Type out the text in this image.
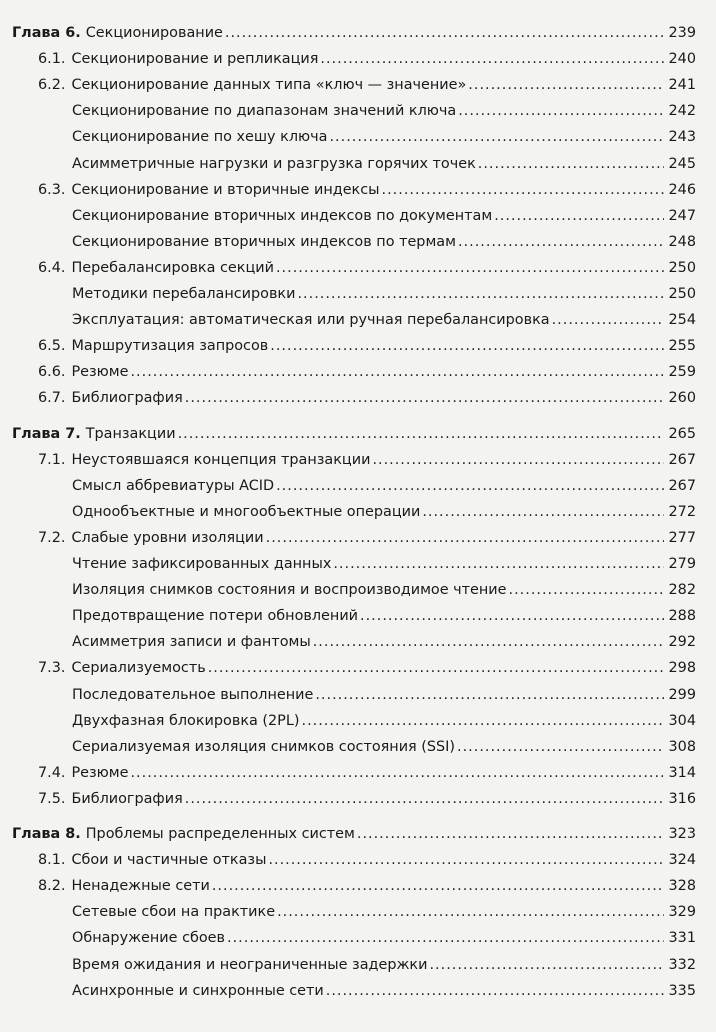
Глава 6. Секционирование .....	239
6.1. Секционирование и репликация .....	240
6.2. Секционирование данных типа «ключ — значение» .....	241
Секционирование по диапазонам значений ключа .....	242
Секционирование по хешу ключа .....	243
Асимметричные нагрузки и разгрузка горячих точек .....	245
6.3. Секционирование и вторичные индексы .....	246
Секционирование вторичных индексов по документам .....	247
Секционирование вторичных индексов по термам .....	248
6.4. Перебалансировка секций .....	250
Методики перебалансировки .....	250
Эксплуатация: автоматическая или ручная перебалансировка .....	254
6.5. Маршрутизация запросов .....	255
6.6. Резюме .....	259
6.7. Библиография .....	260
Глава 7. Транзакции .....	265
7.1. Неустоявшаяся концепция транзакции .....	267
Смысл аббревиатуры ACID .....	267
Однообъектные и многообъектные операции .....	272
7.2. Слабые уровни изоляции .....	277
Чтение зафиксированных данных .....	279
Изоляция снимков состояния и воспроизводимое чтение .....	282
Предотвращение потери обновлений .....	288
Асимметрия записи и фантомы .....	292
7.3. Сериализуемость .....	298
Последовательное выполнение .....	299
Двухфазная блокировка (2PL) .....	304
Сериализуемая изоляция снимков состояния (SSI) .....	308
7.4. Резюме .....	314
7.5. Библиография .....	316
Глава 8. Проблемы распределенных систем .....	323
8.1. Сбои и частичные отказы .....	324
8.2. Ненадежные сети .....	328
Сетевые сбои на практике .....	329
Обнаружение сбоев .....	331
Время ожидания и неограниченные задержки .....	332
Асинхронные и синхронные сети .....	335
